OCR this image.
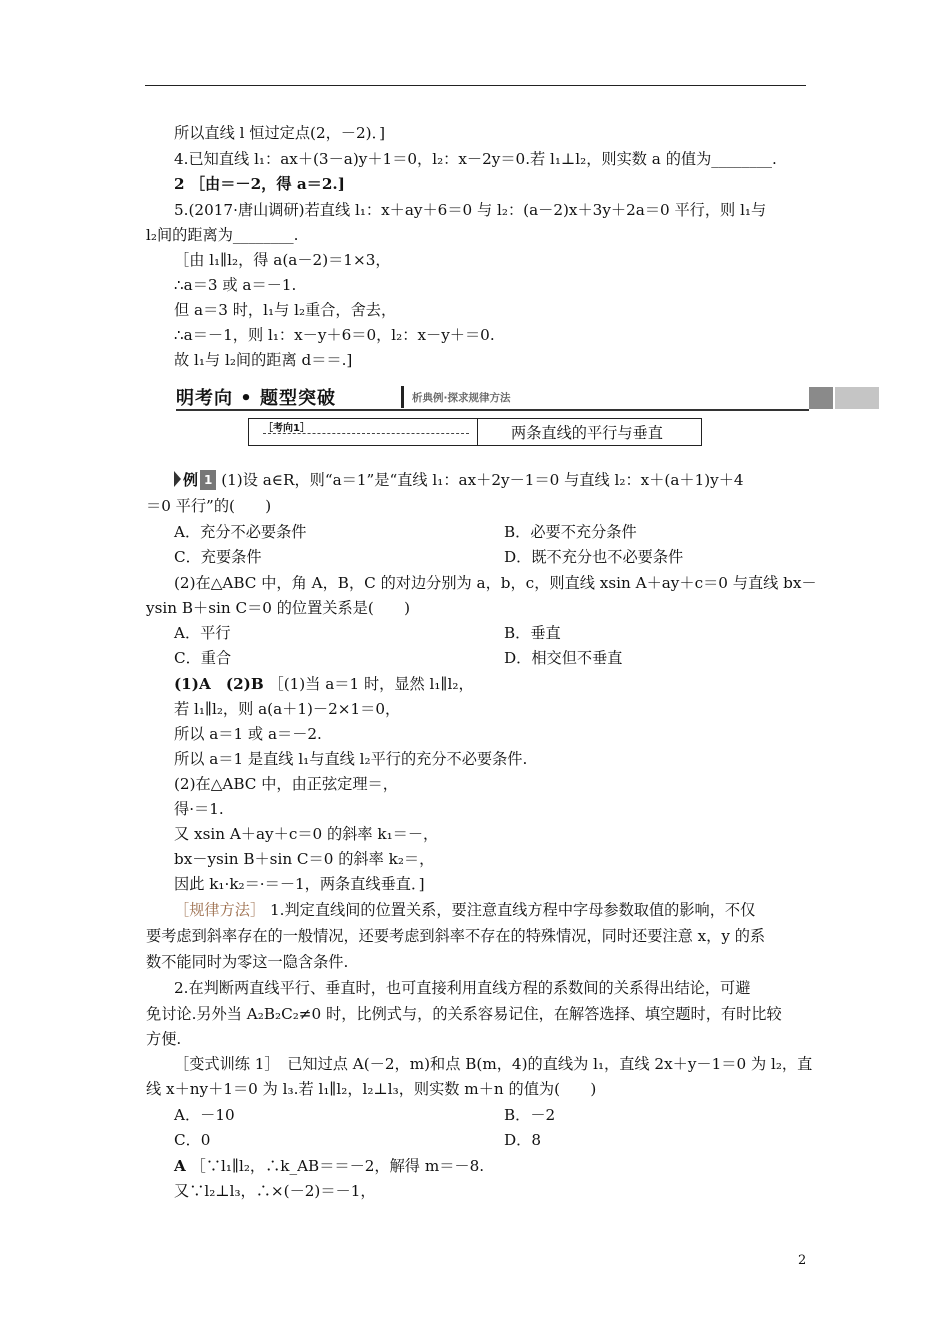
所以直线 l 恒过定点(2，－2)．]
4.已知直线 l₁：ax＋(3－a)y＋1＝0，l₂：x－2y＝0.若 l₁⊥l₂，则实数 a 的值为________.
2 ［由＝－2，得 a＝2.]
5.(2017·唐山调研)若直线 l₁：x＋ay＋6＝0 与 l₂：(a－2)x＋3y＋2a＝0 平行，则 l₁与
l₂间的距离为________.
［由 l₁∥l₂，得 a(a－2)＝1×3，
∴a＝3 或 a＝－1.
但 a＝3 时，l₁与 l₂重合，舍去，
∴a＝－1，则 l₁：x－y＋6＝0，l₂：x－y＋＝0.
故 l₁与 l₂间的距离 d＝＝.]
明考向 • 题型突破	析典例·探求规律方法
［考向1］	两条直线的平行与垂直
例 1 (1)设 a∈R，则“a＝1”是“直线 l₁：ax＋2y－1＝0 与直线 l₂：x＋(a＋1)y＋4
＝0 平行”的(　　)
A．充分不必要条件	B．必要不充分条件
C．充要条件	D．既不充分也不必要条件
(2)在△ABC 中，角 A，B，C 的对边分别为 a，b，c，则直线 xsin A＋ay＋c＝0 与直线 bx－
ysin B＋sin C＝0 的位置关系是(　　)
A．平行	B．垂直
C．重合	D．相交但不垂直
(1)A　(2)B ［(1)当 a＝1 时，显然 l₁∥l₂，
若 l₁∥l₂，则 a(a＋1)－2×1＝0，
所以 a＝1 或 a＝－2.
所以 a＝1 是直线 l₁与直线 l₂平行的充分不必要条件.
(2)在△ABC 中，由正弦定理＝，
得·＝1.
又 xsin A＋ay＋c＝0 的斜率 k₁＝－，
bx－ysin B＋sin C＝0 的斜率 k₂＝，
因此 k₁·k₂＝·＝－1，两条直线垂直．]
［规律方法］ 1.判定直线间的位置关系，要注意直线方程中字母参数取值的影响，不仅
要考虑到斜率存在的一般情况，还要考虑到斜率不存在的特殊情况，同时还要注意 x，y 的系
数不能同时为零这一隐含条件.
2.在判断两直线平行、垂直时，也可直接利用直线方程的系数间的关系得出结论，可避
免讨论.另外当 A₂B₂C₂≠0 时，比例式与，的关系容易记住，在解答选择、填空题时，有时比较
方便.
［变式训练 1］　已知过点 A(－2，m)和点 B(m，4)的直线为 l₁，直线 2x＋y－1＝0 为 l₂，直
线 x＋ny＋1＝0 为 l₃.若 l₁∥l₂，l₂⊥l₃，则实数 m＋n 的值为(　　)
A．－10	B．－2
C．0	D．8
A ［∵l₁∥l₂，∴k_AB＝＝－2，解得 m＝－8.
又∵l₂⊥l₃，∴×(－2)＝－1，
2
